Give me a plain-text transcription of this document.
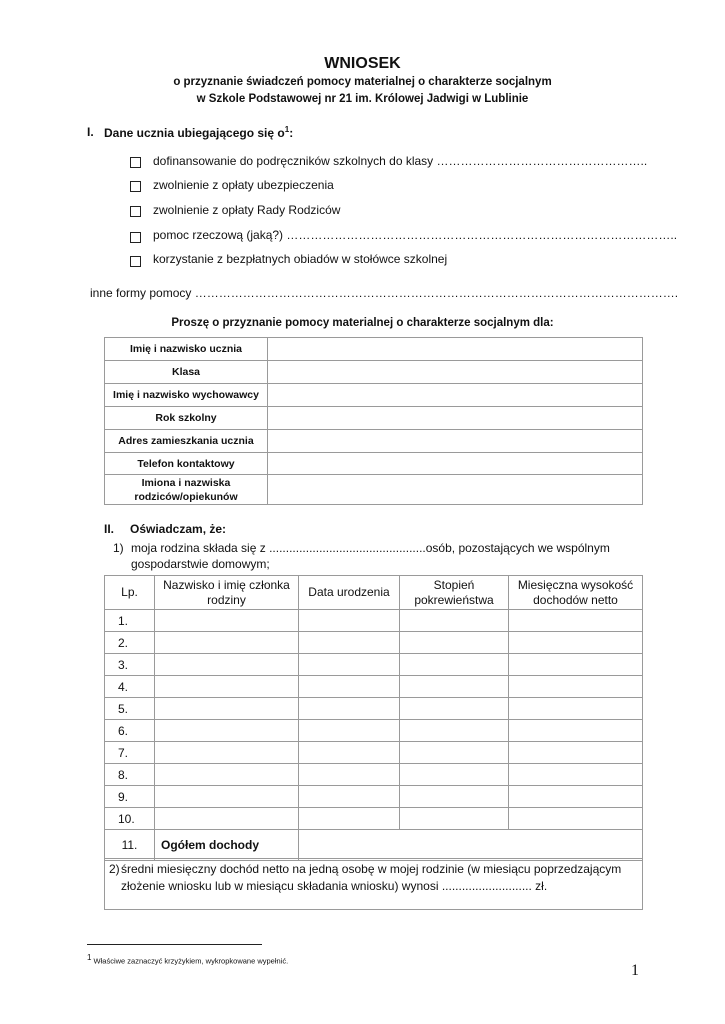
WNIOSEK
o przyznanie świadczeń pomocy materialnej o charakterze socjalnym
w Szkole Podstawowej nr 21 im. Królowej Jadwigi w Lublinie
I. Dane ucznia ubiegającego się $o^1$:
dofinansowanie do podręczników szkolnych do klasy ……………………………………………..
zwolnienie z opłaty ubezpieczenia
zwolnienie z opłaty Rady Rodziców
pomoc rzeczową (jaką?) ……………………………………………………………………………………..
korzystanie z bezpłatnych obiadów w stołówce szkolnej
inne formy pomocy ………………………………………………………………………………………………………….
Proszę o przyznanie pomocy materialnej o charakterze socjalnym dla:
Imię i nazwisko ucznia	
Klasa	
Imię i nazwisko wychowawcy	
Rok szkolny	
Adres zamieszkania ucznia	
Telefon kontaktowy	
Imiona i nazwiska rodziców/opiekunów	
II. Oświadczam, że:
1) moja rodzina składa się z ...............................................osób, pozostających we wspólnym
gospodarstwie domowym;
Lp.	Nazwisko i imię członka rodziny	Data urodzenia	Stopień pokrewieństwa	Miesięczna wysokość dochodów netto
1.				
2.				
3.				
4.				
5.				
6.				
7.				
8.				
9.				
10.				
11.	Ogółem dochody			
2) średni miesięczny dochód netto na jedną osobę w mojej rodzinie (w miesiącu poprzedzającym
złożenie wniosku lub w miesiącu składania wniosku) wynosi ........................... zł.
$^1$ Właściwe zaznaczyć krzyżykiem, wykropkowane wypełnić.
1
